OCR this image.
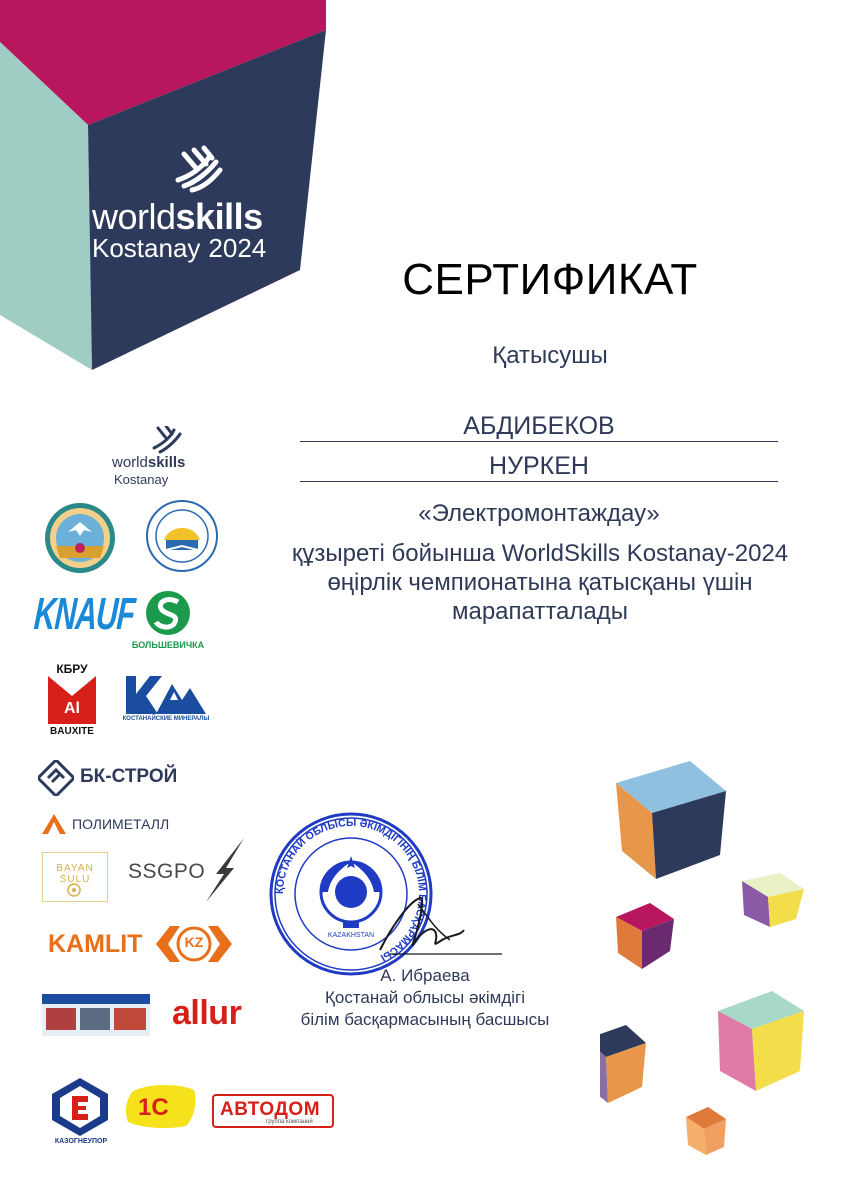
worldskills
Kostanay 2024
СЕРТИФИКАТ
Қатысушы
АБДИБЕКОВ
НУРКЕН
«Электромонтаждау»
құзыреті бойынша WorldSkills Kostanay-2024
өңірлік чемпионатына қатысқаны үшін
марапатталады
ҚОСТАНАЙ ОБЛЫСЫ ӘКІМДІГІНІҢ БІЛІМ БАСҚАРМАСЫ
KAZAKHSTAN
А. Ибраева
Қостанай облысы әкімдігі
білім басқармасының басшысы
worldskills
Kostanay
KNAUF
БОЛЬШЕВИЧКА
КБРУ
Al
BAUXITE
КОСТАНАЙСКИЕ МИНЕРАЛЫ
БК-СТРОЙ
ПОЛИМЕТАЛЛ
BAYAN SULU	SSGPO
KAMLIT	KZ
allur
КАЗОГНЕУПОР
1С	АВТОДОМ
группа компаний
